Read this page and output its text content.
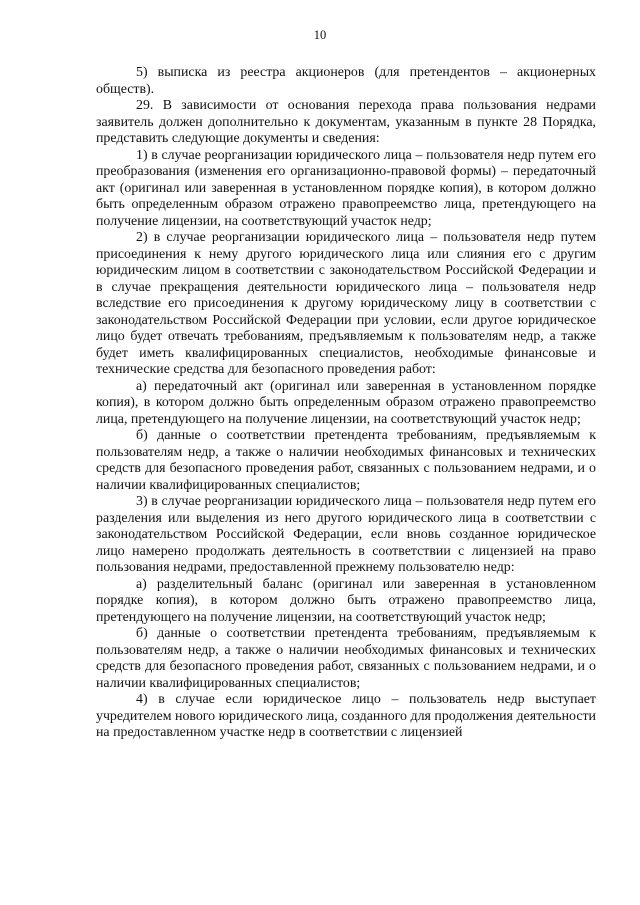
10

5) выписка из реестра акционеров (для претендентов – акционерных обществ).

29. В зависимости от основания перехода права пользования недрами заявитель должен дополнительно к документам, указанным в пункте 28 Порядка, представить следующие документы и сведения:

1) в случае реорганизации юридического лица – пользователя недр путем его преобразования (изменения его организационно-правовой формы) – передаточный акт (оригинал или заверенная в установленном порядке копия), в котором должно быть определенным образом отражено правопреемство лица, претендующего на получение лицензии, на соответствующий участок недр;

2) в случае реорганизации юридического лица – пользователя недр путем присоединения к нему другого юридического лица или слияния его с другим юридическим лицом в соответствии с законодательством Российской Федерации и в случае прекращения деятельности юридического лица – пользователя недр вследствие его присоединения к другому юридическому лицу в соответствии с законодательством Российской Федерации при условии, если другое юридическое лицо будет отвечать требованиям, предъявляемым к пользователям недр, а также будет иметь квалифицированных специалистов, необходимые финансовые и технические средства для безопасного проведения работ:

а) передаточный акт (оригинал или заверенная в установленном порядке копия), в котором должно быть определенным образом отражено правопреемство лица, претендующего на получение лицензии, на соответствующий участок недр;

б) данные о соответствии претендента требованиям, предъявляемым к пользователям недр, а также о наличии необходимых финансовых и технических средств для безопасного проведения работ, связанных с пользованием недрами, и о наличии квалифицированных специалистов;

3) в случае реорганизации юридического лица – пользователя недр путем его разделения или выделения из него другого юридического лица в соответствии с законодательством Российской Федерации, если вновь созданное юридическое лицо намерено продолжать деятельность в соответствии с лицензией на право пользования недрами, предоставленной прежнему пользователю недр:

а) разделительный баланс (оригинал или заверенная в установленном порядке копия), в котором должно быть отражено правопреемство лица, претендующего на получение лицензии, на соответствующий участок недр;

б) данные о соответствии претендента требованиям, предъявляемым к пользователям недр, а также о наличии необходимых финансовых и технических средств для безопасного проведения работ, связанных с пользованием недрами, и о наличии квалифицированных специалистов;

4) в случае если юридическое лицо – пользователь недр выступает учредителем нового юридического лица, созданного для продолжения деятельности на предоставленном участке недр в соответствии с лицензией
